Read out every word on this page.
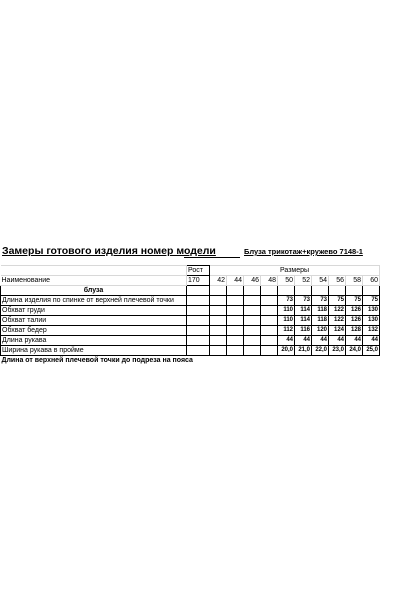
Замеры готового изделия номер модели	Блуза трикотаж+кружево 7148-1
	Рост	Размеры									
Наименование	170	42	44	46	48	50	52	54	56	58	60
блуза											
Длина изделия по спинке от верхней плечевой точки						73	73	73	75	75	75
Обхват груди						110	114	118	122	126	130
Обхват талии						110	114	118	122	126	130
Обхват бедер						112	116	120	124	128	132
Длина рукава						44	44	44	44	44	44
Ширина рукава в пройме						20,0	21,0	22,0	23,0	24,0	25,0
Длина от верхней плечевой точки до подреза на пояса											
